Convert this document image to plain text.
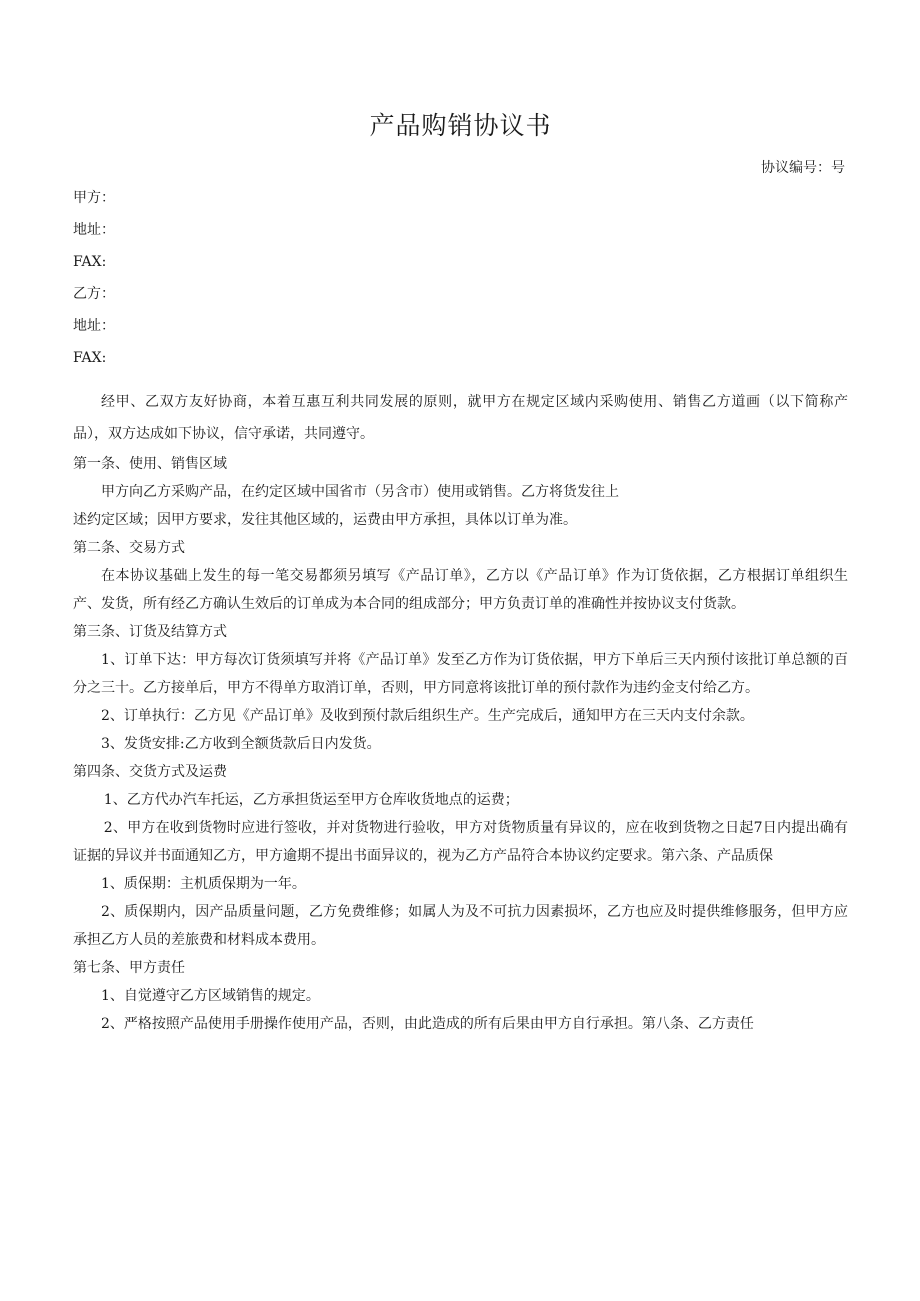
产品购销协议书
协议编号：号
甲方：
地址：
FAX:
乙方：
地址：
FAX:

经甲、乙双方友好协商，本着互惠互利共同发展的原则，就甲方在规定区域内采购使用、销售乙方道画（以下简称产品），双方达成如下协议，信守承诺，共同遵守。

第一条、使用、销售区域

甲方向乙方采购产品，在约定区域中国省市（另含市）使用或销售。乙方将货发往上

述约定区域；因甲方要求，发往其他区域的，运费由甲方承担，具体以订单为准。

第二条、交易方式

在本协议基础上发生的每一笔交易都须另填写《产品订单》，乙方以《产品订单》作为订货依据，乙方根据订单组织生产、发货，所有经乙方确认生效后的订单成为本合同的组成部分；甲方负责订单的准确性并按协议支付货款。

第三条、订货及结算方式

1、订单下达：甲方每次订货须填写并将《产品订单》发至乙方作为订货依据，甲方下单后三天内预付该批订单总额的百分之三十。乙方接单后，甲方不得单方取消订单，否则，甲方同意将该批订单的预付款作为违约金支付给乙方。

2、订单执行：乙方见《产品订单》及收到预付款后组织生产。生产完成后，通知甲方在三天内支付余款。

3、发货安排:乙方收到全额货款后日内发货。

第四条、交货方式及运费

1、乙方代办汽车托运，乙方承担货运至甲方仓库收货地点的运费；

2、甲方在收到货物时应进行签收，并对货物进行验收，甲方对货物质量有异议的，应在收到货物之日起7日内提出确有证据的异议并书面通知乙方，甲方逾期不提出书面异议的，视为乙方产品符合本协议约定要求。第六条、产品质保

1、质保期：主机质保期为一年。

2、质保期内，因产品质量问题，乙方免费维修；如属人为及不可抗力因素损坏，乙方也应及时提供维修服务，但甲方应承担乙方人员的差旅费和材料成本费用。

第七条、甲方责任

1、自觉遵守乙方区域销售的规定。

2、严格按照产品使用手册操作使用产品，否则，由此造成的所有后果由甲方自行承担。第八条、乙方责任
